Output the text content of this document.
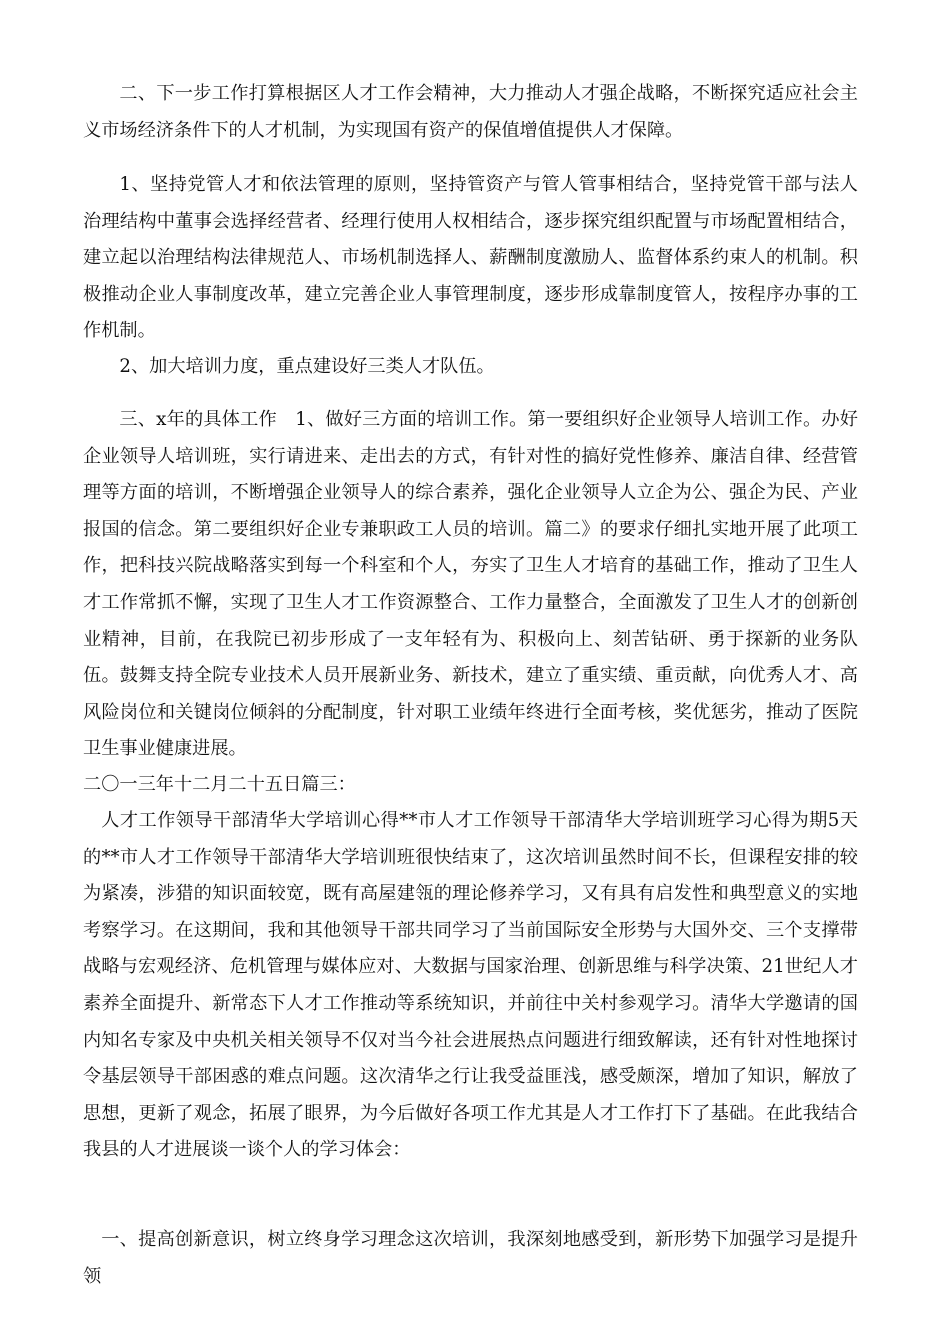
二、下一步工作打算根据区人才工作会精神，大力推动人才强企战略，不断探究适应社会主义市场经济条件下的人才机制，为实现国有资产的保值增值提供人才保障。

1、坚持党管人才和依法管理的原则，坚持管资产与管人管事相结合，坚持党管干部与法人治理结构中董事会选择经营者、经理行使用人权相结合，逐步探究组织配置与市场配置相结合，建立起以治理结构法律规范人、市场机制选择人、薪酬制度激励人、监督体系约束人的机制。积极推动企业人事制度改革，建立完善企业人事管理制度，逐步形成靠制度管人，按程序办事的工作机制。

2、加大培训力度，重点建设好三类人才队伍。

三、x年的具体工作　1、做好三方面的培训工作。第一要组织好企业领导人培训工作。办好企业领导人培训班，实行请进来、走出去的方式，有针对性的搞好党性修养、廉洁自律、经营管理等方面的培训，不断增强企业领导人的综合素养，强化企业领导人立企为公、强企为民、产业报国的信念。第二要组织好企业专兼职政工人员的培训。篇二》的要求仔细扎实地开展了此项工作，把科技兴院战略落实到每一个科室和个人，夯实了卫生人才培育的基础工作，推动了卫生人才工作常抓不懈，实现了卫生人才工作资源整合、工作力量整合，全面激发了卫生人才的创新创业精神，目前，在我院已初步形成了一支年轻有为、积极向上、刻苦钻研、勇于探新的业务队伍。鼓舞支持全院专业技术人员开展新业务、新技术，建立了重实绩、重贡献，向优秀人才、高风险岗位和关键岗位倾斜的分配制度，针对职工业绩年终进行全面考核，奖优惩劣，推动了医院卫生事业健康进展。

二〇一三年十二月二十五日篇三：

人才工作领导干部清华大学培训心得**市人才工作领导干部清华大学培训班学习心得为期5天的**市人才工作领导干部清华大学培训班很快结束了，这次培训虽然时间不长，但课程安排的较为紧凑，涉猎的知识面较宽，既有高屋建瓴的理论修养学习，又有具有启发性和典型意义的实地考察学习。在这期间，我和其他领导干部共同学习了当前国际安全形势与大国外交、三个支撑带战略与宏观经济、危机管理与媒体应对、大数据与国家治理、创新思维与科学决策、21世纪人才素养全面提升、新常态下人才工作推动等系统知识，并前往中关村参观学习。清华大学邀请的国内知名专家及中央机关相关领导不仅对当今社会进展热点问题进行细致解读，还有针对性地探讨令基层领导干部困惑的难点问题。这次清华之行让我受益匪浅，感受颇深，增加了知识，解放了思想，更新了观念，拓展了眼界，为今后做好各项工作尤其是人才工作打下了基础。在此我结合我县的人才进展谈一谈个人的学习体会：

一、提高创新意识，树立终身学习理念这次培训，我深刻地感受到，新形势下加强学习是提升领
